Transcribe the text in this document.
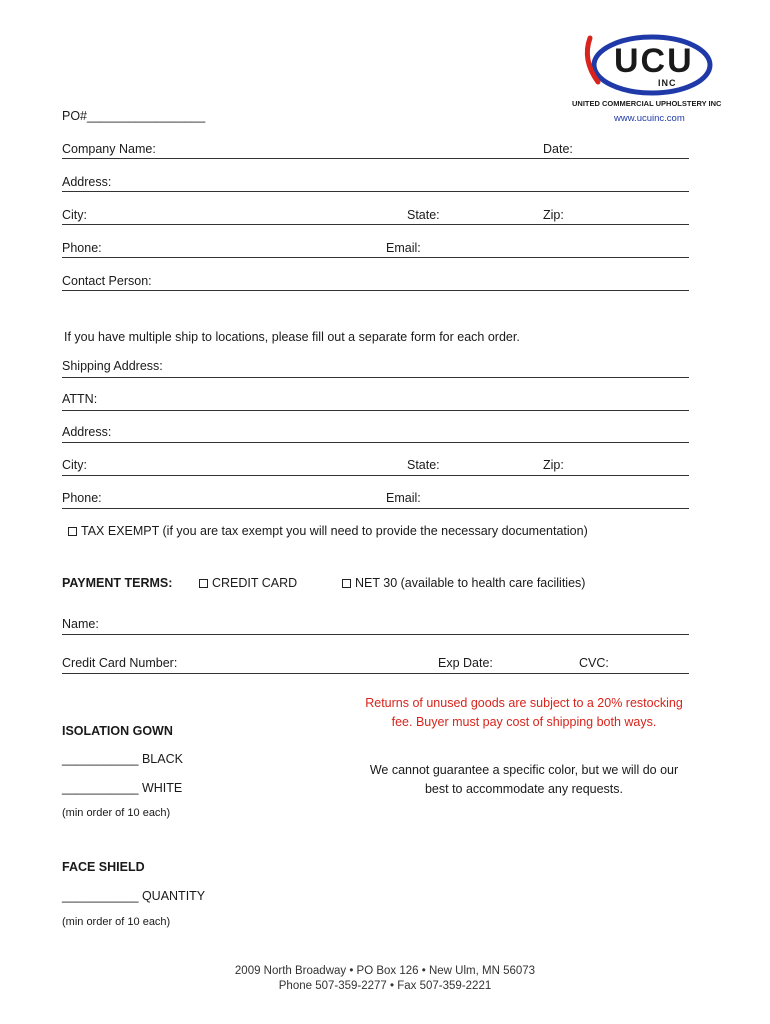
UCU
INC
UNITED COMMERCIAL UPHOLSTERY INC
www.ucuinc.com
PO#_________________
Company Name:	Date:
Address:
City:	State:	Zip:
Phone:	Email:
Contact Person:
If you have multiple ship to locations, please fill out a separate form for each order.
Shipping Address:
ATTN:
Address:
City:	State:	Zip:
Phone:	Email:
TAX EXEMPT (if you are tax exempt you will need to provide the necessary documentation)
PAYMENT TERMS:	CREDIT CARD	NET 30 (available to health care facilities)
Name:
Credit Card Number:	Exp Date:	CVC:
Returns of unused goods are subject to a 20% restocking
fee. Buyer must pay cost of shipping both ways.
We cannot guarantee a specific color, but we will do our
best to accommodate any requests.
ISOLATION GOWN
___________ BLACK
___________ WHITE
(min order of 10 each)
FACE SHIELD
___________ QUANTITY
(min order of 10 each)
2009 North Broadway • PO Box 126 • New Ulm, MN 56073
Phone 507-359-2277 • Fax 507-359-2221
